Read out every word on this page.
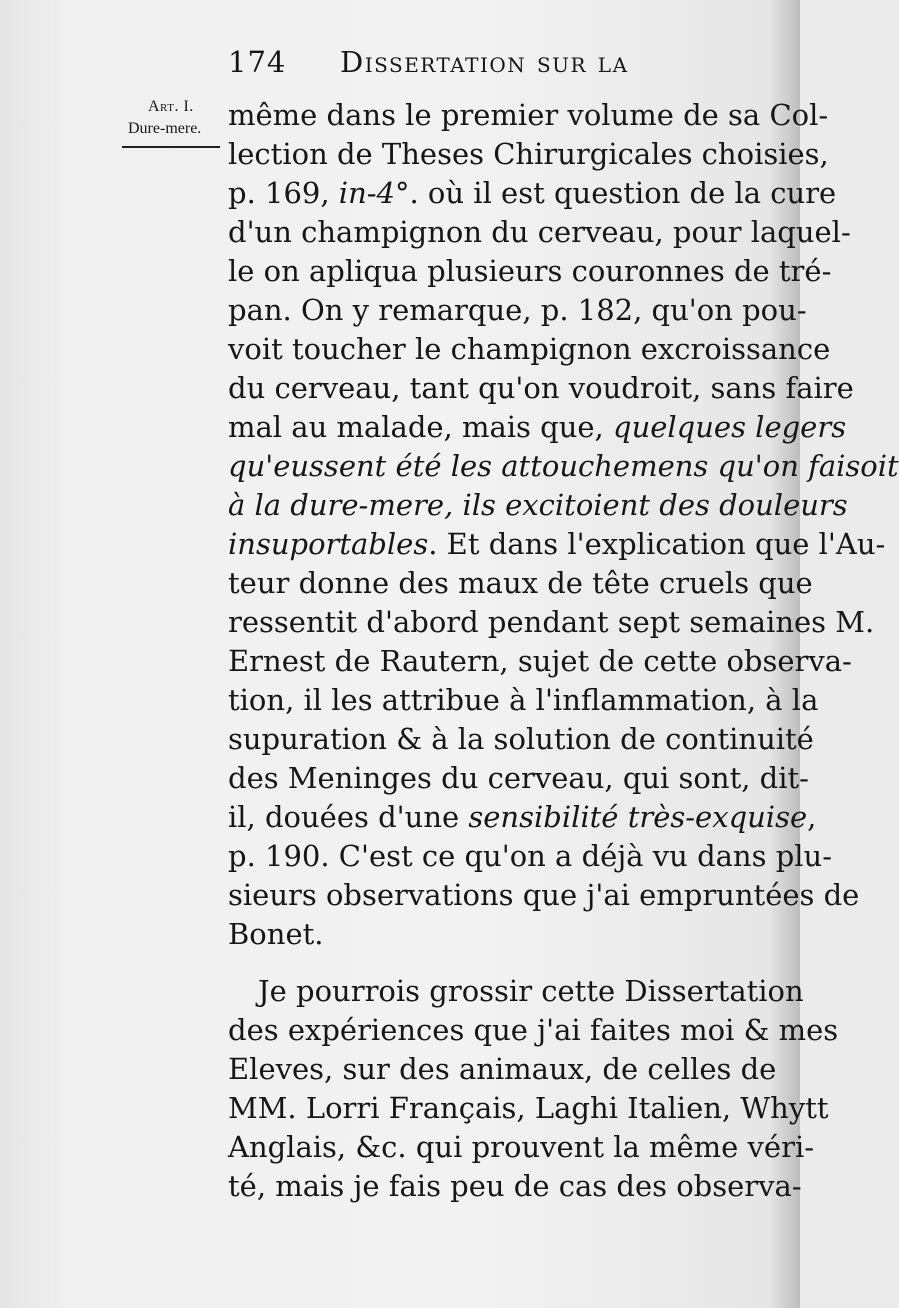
174 Dissertation sur la
Art. I.
Dure-mere. même dans le premier volume de sa Col-
lection de Theses Chirurgicales choisies,
p. 169, in-4°. où il est question de la cure
d'un champignon du cerveau, pour laquel-
le on apliqua plusieurs couronnes de tré-
pan. On y remarque, p. 182, qu'on pou-
voit toucher le champignon excroissance
du cerveau, tant qu'on voudroit, sans faire
mal au malade, mais que, quelques legers
qu'eussent été les attouchemens qu'on faisoit
à la dure-mere, ils excitoient des douleurs
insuportables. Et dans l'explication que l'Au-
teur donne des maux de tête cruels que
ressentit d'abord pendant sept semaines M.
Ernest de Rautern, sujet de cette observa-
tion, il les attribue à l'inflammation, à la
supuration & à la solution de continuité
des Meninges du cerveau, qui sont, dit-
il, douées d'une sensibilité très-exquise,
p. 190. C'est ce qu'on a déjà vu dans plu-
sieurs observations que j'ai empruntées de
Bonet.
Je pourrois grossir cette Dissertation
des expériences que j'ai faites moi & mes
Eleves, sur des animaux, de celles de
MM. Lorri Français, Laghi Italien, Whytt
Anglais, &c. qui prouvent la même véri-
té, mais je fais peu de cas des observa-
